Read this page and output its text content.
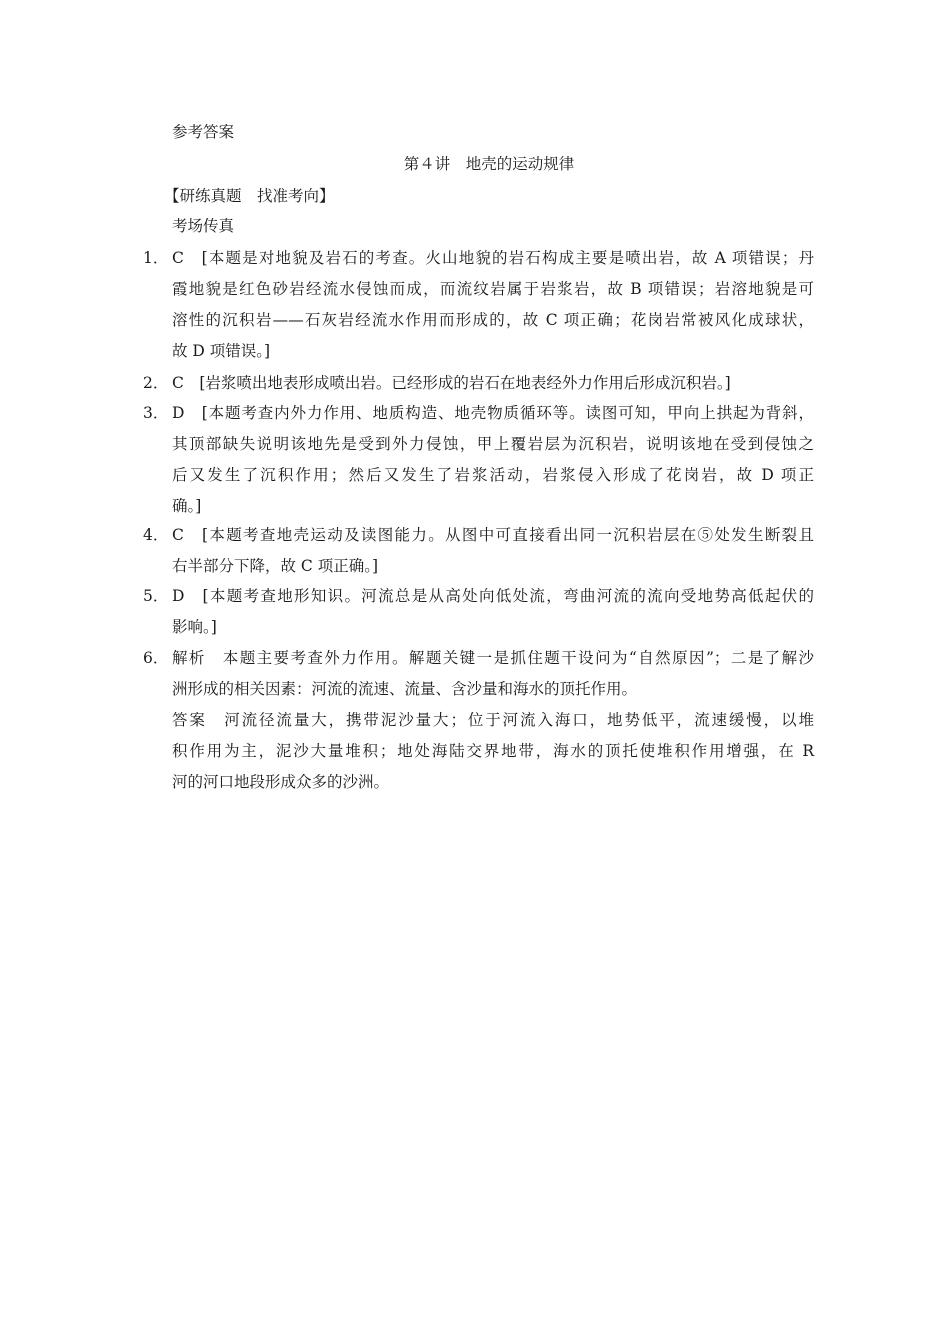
参考答案
第４讲　地壳的运动规律
【研练真题　找准考向】
考场传真
1． C　[本题是对地貌及岩石的考查。火山地貌的岩石构成主要是喷出岩，故 A 项错误；丹
霞地貌是红色砂岩经流水侵蚀而成，而流纹岩属于岩浆岩，故 B 项错误；岩溶地貌是可
溶性的沉积岩——石灰岩经流水作用而形成的，故 C 项正确；花岗岩常被风化成球状，
故 D 项错误。]
2． C　[岩浆喷出地表形成喷出岩。已经形成的岩石在地表经外力作用后形成沉积岩。]
3． D　[本题考查内外力作用、地质构造、地壳物质循环等。读图可知，甲向上拱起为背斜，
其顶部缺失说明该地先是受到外力侵蚀，甲上覆岩层为沉积岩，说明该地在受到侵蚀之
后又发生了沉积作用；然后又发生了岩浆活动，岩浆侵入形成了花岗岩，故 D 项正
确。]
4． C　[本题考查地壳运动及读图能力。从图中可直接看出同一沉积岩层在⑤处发生断裂且
右半部分下降，故 C 项正确。]
5． D　[本题考查地形知识。河流总是从高处向低处流，弯曲河流的流向受地势高低起伏的
影响。]
6． 解析　本题主要考查外力作用。解题关键一是抓住题干设问为“自然原因”；二是了解沙
洲形成的相关因素：河流的流速、流量、含沙量和海水的顶托作用。
答案　河流径流量大，携带泥沙量大；位于河流入海口，地势低平，流速缓慢，以堆
积作用为主，泥沙大量堆积；地处海陆交界地带，海水的顶托使堆积作用增强，在 R
河的河口地段形成众多的沙洲。
